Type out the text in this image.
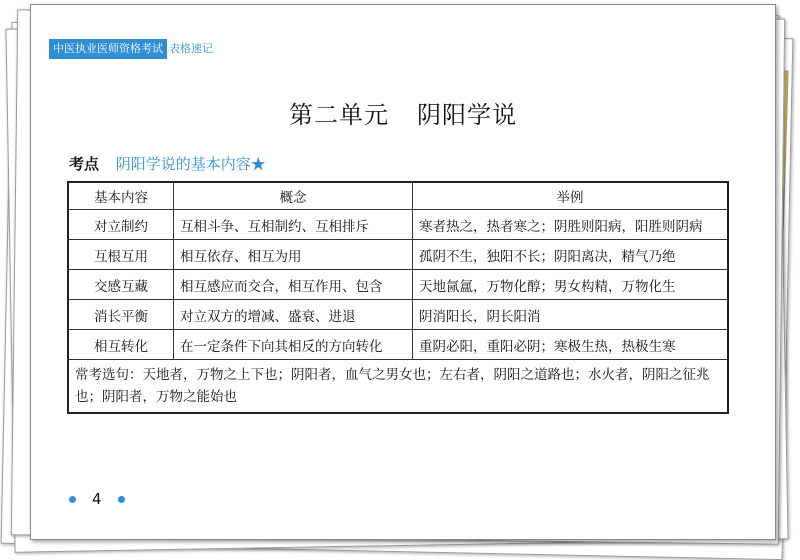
中医执业医师资格考试 表格速记
第二单元 阴阳学说
考点 阴阳学说的基本内容★
基本内容	概念	举例
对立制约	互相斗争、互相制约、互相排斥	寒者热之，热者寒之；阴胜则阳病，阳胜则阴病
互根互用	相互依存、相互为用	孤阴不生，独阳不长；阴阳离决，精气乃绝
交感互藏	相互感应而交合，相互作用、包含	天地氤氲，万物化醇；男女构精，万物化生
消长平衡	对立双方的增减、盛衰、进退	阴消阳长，阴长阳消
相互转化	在一定条件下向其相反的方向转化	重阴必阳，重阳必阴；寒极生热，热极生寒
常考选句：天地者，万物之上下也；阴阳者，血气之男女也；左右者，阴阳之道路也；水火者，阴阳之征兆也；阴阳者，万物之能始也		
4
